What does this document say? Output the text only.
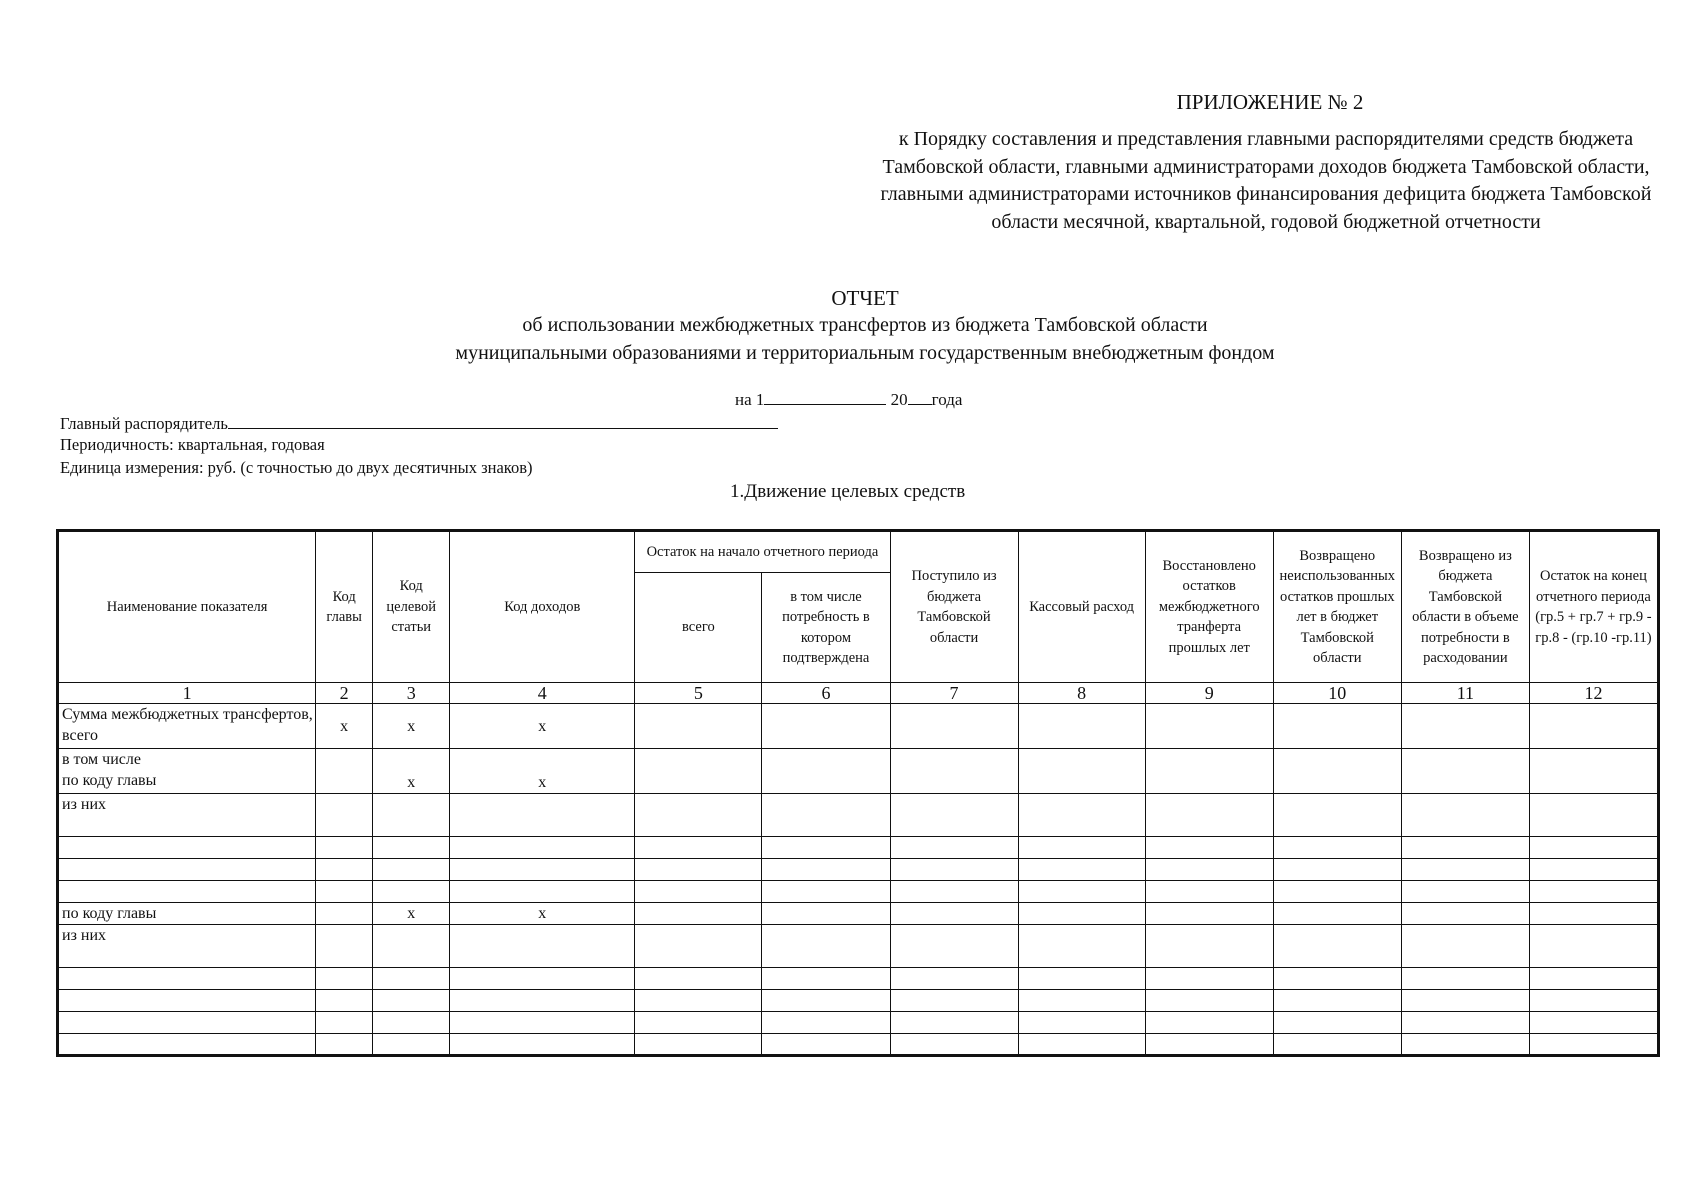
ПРИЛОЖЕНИЕ № 2
к Порядку составления и представления главными распорядителями средств бюджета Тамбовской области, главными администраторами доходов бюджета Тамбовской области, главными администраторами источников финансирования дефицита бюджета Тамбовской области месячной, квартальной, годовой бюджетной отчетности
ОТЧЕТ
об использовании межбюджетных трансфертов из бюджета Тамбовской области
муниципальными образованиями и территориальным государственным внебюджетным фондом
на 1	20 года
Главный распорядитель
Периодичность: квартальная, годовая
Единица измерения: руб. (с точностью до двух десятичных знаков)
1.Движение целевых средств
Наименование показателя	Код главы	Код целевой статьи	Код доходов	Остаток на начало отчетного периода		Поступило из бюджета Тамбовской области	Кассовый расход	Восстановлено остатков межбюджетного транферта прошлых лет	Возвращено неиспользованных остатков прошлых лет в бюджет Тамбовской области	Возвращено из бюджета Тамбовской области в объеме потребности в расходовании	Остаток на конец отчетного периода (гр.5 + гр.7 + гр.9 - гр.8 - (гр.10 -гр.11)
				всего	в том числе потребность в котором подтверждена						
1	2	3	4	5	6	7	8	9	10	11	12
Сумма межбюджетных трансфертов, всего	x	x	x								
в том числе
по коду главы		x	x								
из них											

по коду главы		x	x								
из них											
